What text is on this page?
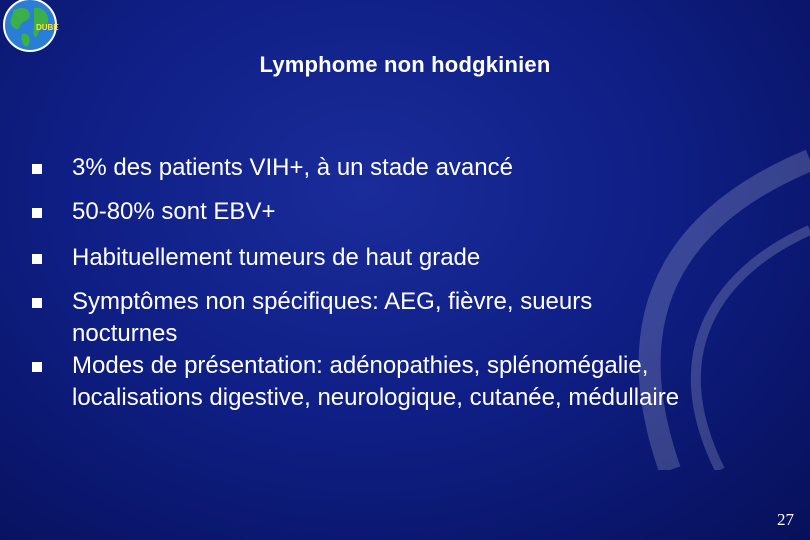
DUBE
Lymphome non hodgkinien
3% des patients VIH+, à un stade avancé
50-80% sont EBV+
Habituellement tumeurs de haut grade
Symptômes non spécifiques: AEG, fièvre, sueurs
nocturnes
Modes de présentation: adénopathies, splénomégalie,
localisations digestive, neurologique, cutanée, médullaire
27
